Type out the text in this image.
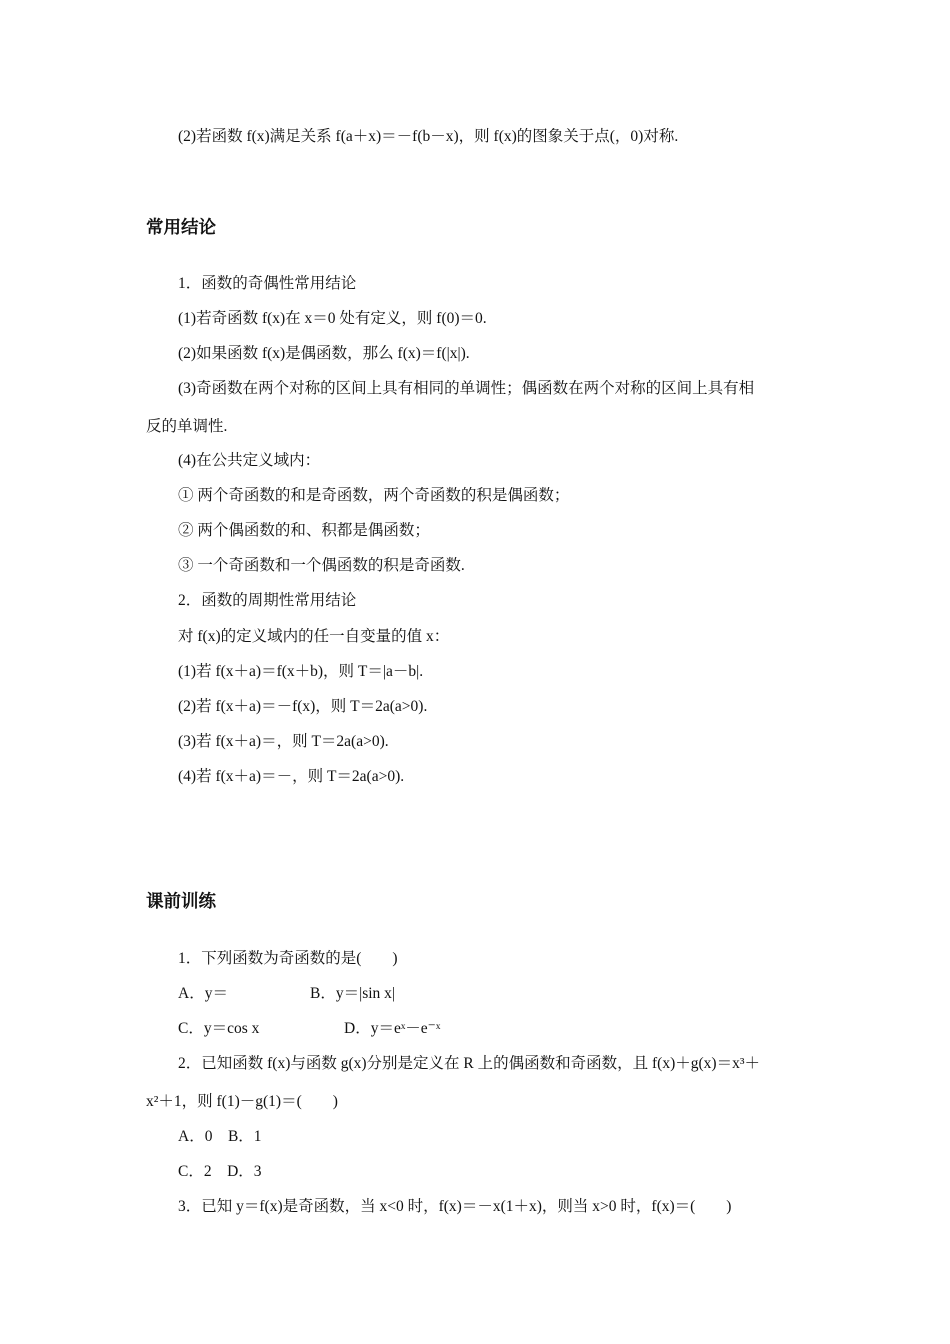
(2)若函数 f(x)满足关系 f(a＋x)＝－f(b－x)，则 f(x)的图象关于点(，0)对称.
常用结论
1．函数的奇偶性常用结论
(1)若奇函数 f(x)在 x＝0 处有定义，则 f(0)＝0.
(2)如果函数 f(x)是偶函数，那么 f(x)＝f(|x|).
(3)奇函数在两个对称的区间上具有相同的单调性；偶函数在两个对称的区间上具有相
反的单调性.
(4)在公共定义域内：
① 两个奇函数的和是奇函数，两个奇函数的积是偶函数；
② 两个偶函数的和、积都是偶函数；
③ 一个奇函数和一个偶函数的积是奇函数.
2．函数的周期性常用结论
对 f(x)的定义域内的任一自变量的值 x：
(1)若 f(x＋a)＝f(x＋b)，则 T＝|a－b|.
(2)若 f(x＋a)＝－f(x)，则 T＝2a(a>0).
(3)若 f(x＋a)＝，则 T＝2a(a>0).
(4)若 f(x＋a)＝－，则 T＝2a(a>0).
课前训练
1．下列函数为奇函数的是(　　)
A．y＝	B．y＝|sin x|
C．y＝cos x	D．y＝eˣ－e⁻ˣ
2．已知函数 f(x)与函数 g(x)分别是定义在 R 上的偶函数和奇函数，且 f(x)＋g(x)＝x³＋
x²＋1，则 f(1)－g(1)＝(　　)
A．0　B．1
C．2　D．3
3．已知 y＝f(x)是奇函数，当 x<0 时，f(x)＝－x(1＋x)，则当 x>0 时，f(x)＝(　　)
